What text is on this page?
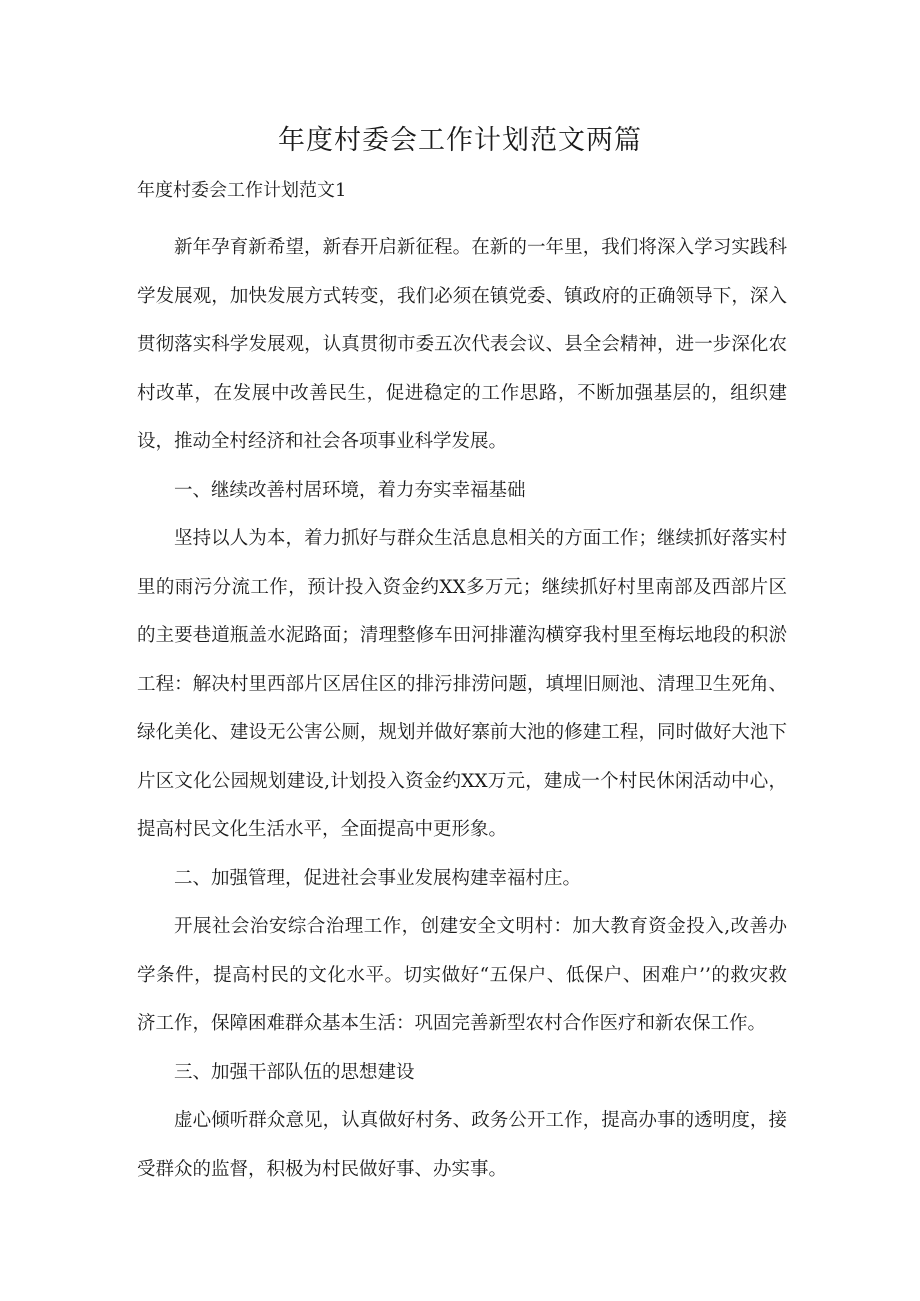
年度村委会工作计划范文两篇

年度村委会工作计划范文1

新年孕育新希望，新春开启新征程。在新的一年里，我们将深入学习实践科学发展观，加快发展方式转变，我们必须在镇党委、镇政府的正确领导下，深入贯彻落实科学发展观，认真贯彻市委五次代表会议、县全会精神，进一步深化农村改革，在发展中改善民生，促进稳定的工作思路，不断加强基层的，组织建设，推动全村经济和社会各项事业科学发展。

一、继续改善村居环境，着力夯实幸福基础

坚持以人为本，着力抓好与群众生活息息相关的方面工作；继续抓好落实村里的雨污分流工作，预计投入资金约XX多万元；继续抓好村里南部及西部片区的主要巷道瓶盖水泥路面；清理整修车田河排灌沟横穿我村里至梅坛地段的积淤工程：解决村里西部片区居住区的排污排涝问题，填埋旧厕池、清理卫生死角、绿化美化、建设无公害公厕，规划并做好寨前大池的修建工程，同时做好大池下片区文化公园规划建设,计划投入资金约XX万元，建成一个村民休闲活动中心，提高村民文化生活水平，全面提高中更形象。

二、加强管理，促进社会事业发展构建幸福村庄。

开展社会治安综合治理工作，创建安全文明村：加大教育资金投入,改善办学条件，提高村民的文化水平。切实做好“五保户、低保户、困难户’’的救灾救济工作，保障困难群众基本生活：巩固完善新型农村合作医疗和新农保工作。

三、加强干部队伍的思想建设

虚心倾听群众意见，认真做好村务、政务公开工作，提高办事的透明度，接受群众的监督，积极为村民做好事、办实事。
